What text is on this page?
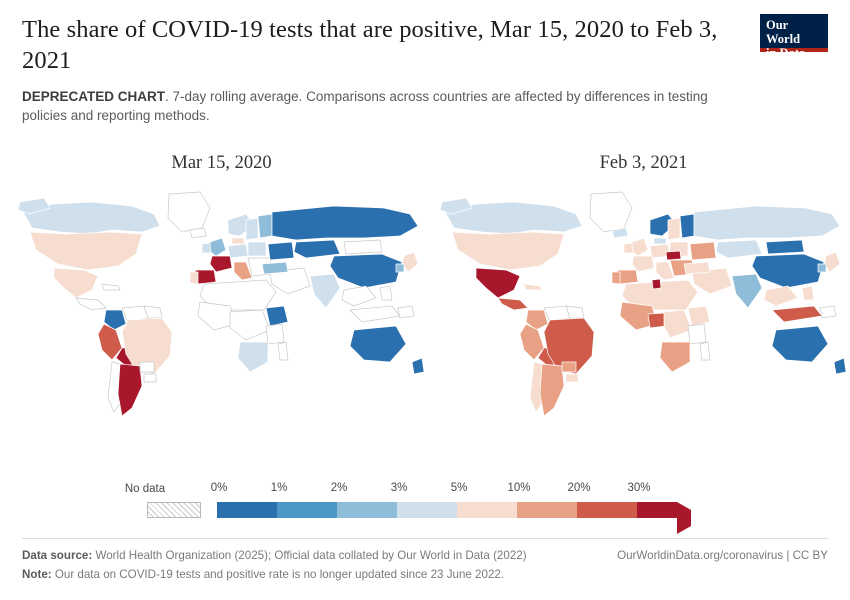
The share of COVID-19 tests that are positive, Mar 15, 2020 to Feb 3, 2021

DEPRECATED CHART. 7-day rolling average. Comparisons across countries are affected by differences in testing policies and reporting methods.

Our World
in Data
Mar 15, 2020	Feb 3, 2021
No data	0%	1%	2%	3%	5%	10%	20%	30%
Data source: World Health Organization (2025); Official data collated by Our World in Data (2022)	OurWorldinData.org/coronavirus | CC BY
Note: Our data on COVID-19 tests and positive rate is no longer updated since 23 June 2022.
